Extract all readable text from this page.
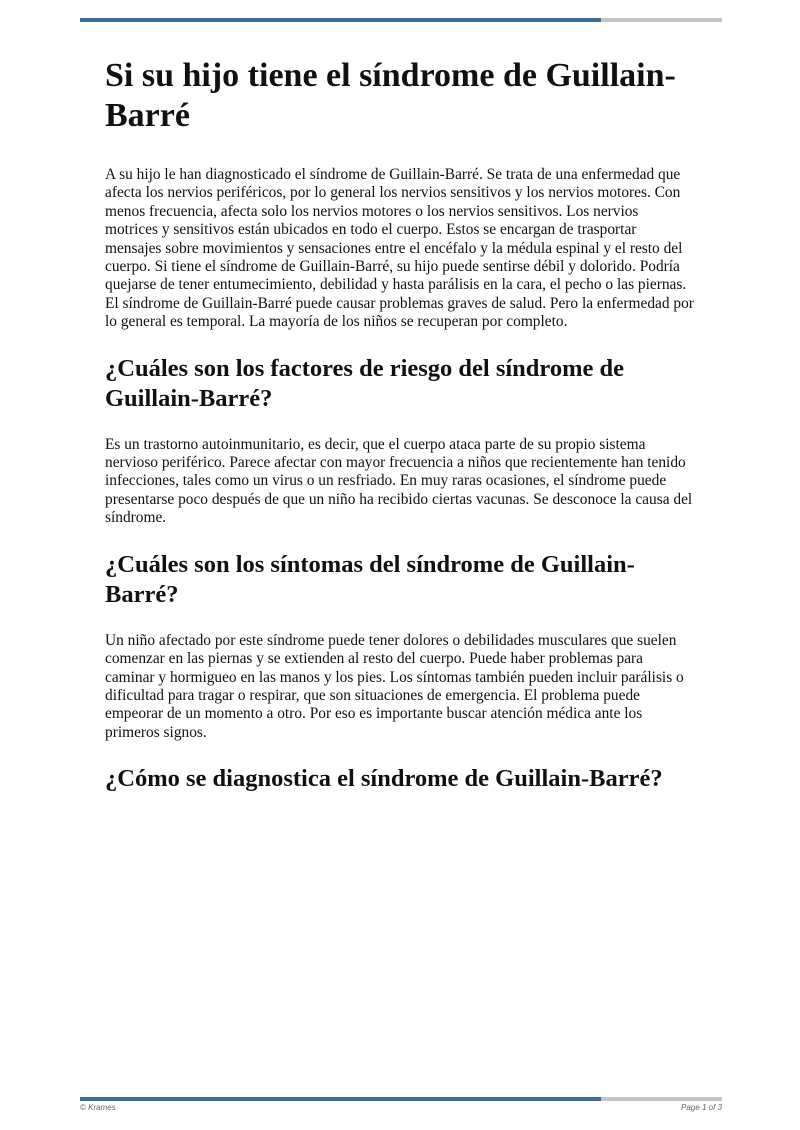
Si su hijo tiene el síndrome de Guillain-Barré

A su hijo le han diagnosticado el síndrome de Guillain-Barré. Se trata de una enfermedad que afecta los nervios periféricos, por lo general los nervios sensitivos y los nervios motores. Con menos frecuencia, afecta solo los nervios motores o los nervios sensitivos. Los nervios motrices y sensitivos están ubicados en todo el cuerpo. Estos se encargan de trasportar mensajes sobre movimientos y sensaciones entre el encéfalo y la médula espinal y el resto del cuerpo. Si tiene el síndrome de Guillain-Barré, su hijo puede sentirse débil y dolorido. Podría quejarse de tener entumecimiento, debilidad y hasta parálisis en la cara, el pecho o las piernas. El síndrome de Guillain-Barré puede causar problemas graves de salud. Pero la enfermedad por lo general es temporal. La mayoría de los niños se recuperan por completo.

¿Cuáles son los factores de riesgo del síndrome de Guillain-Barré?

Es un trastorno autoinmunitario, es decir, que el cuerpo ataca parte de su propio sistema nervioso periférico. Parece afectar con mayor frecuencia a niños que recientemente han tenido infecciones, tales como un virus o un resfriado. En muy raras ocasiones, el síndrome puede presentarse poco después de que un niño ha recibido ciertas vacunas. Se desconoce la causa del síndrome.

¿Cuáles son los síntomas del síndrome de Guillain-Barré?

Un niño afectado por este síndrome puede tener dolores o debilidades musculares que suelen comenzar en las piernas y se extienden al resto del cuerpo. Puede haber problemas para caminar y hormigueo en las manos y los pies. Los síntomas también pueden incluir parálisis o dificultad para tragar o respirar, que son situaciones de emergencia. El problema puede empeorar de un momento a otro. Por eso es importante buscar atención médica ante los primeros signos.

¿Cómo se diagnostica el síndrome de Guillain-Barré?
© Krames	Page 1 of 3
